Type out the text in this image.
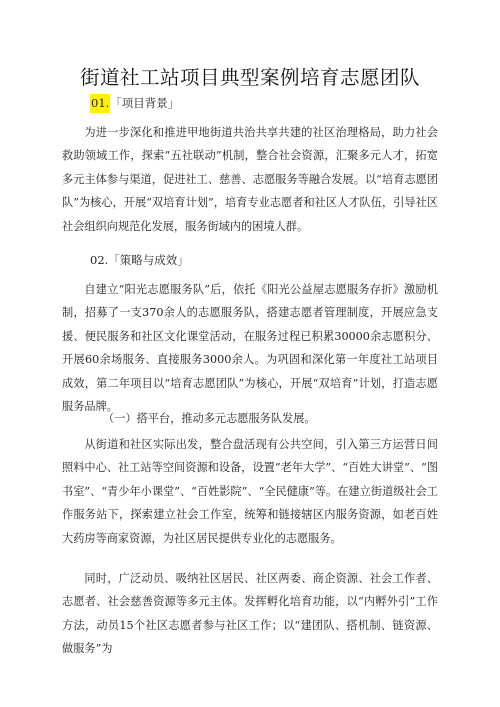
街道社工站项目典型案例培育志愿团队
01.「项目背景」

为进一步深化和推进甲地街道共治共享共建的社区治理格局，助力社会救助领域工作，探索“五社联动”机制，整合社会资源，汇聚多元人才，拓宽多元主体参与渠道，促进社工、慈善、志愿服务等融合发展。以“培育志愿团队”为核心，开展“双培育计划”，培育专业志愿者和社区人才队伍，引导社区社会组织向规范化发展，服务街域内的困境人群。

02.「策略与成效」

自建立“阳光志愿服务队”后，依托《阳光公益屋志愿服务存折》激励机制，招募了一支370余人的志愿服务队，搭建志愿者管理制度，开展应急支援、便民服务和社区文化课堂活动，在服务过程已积累30000余志愿积分、开展60余场服务、直接服务3000余人。为巩固和深化第一年度社工站项目成效，第二年项目以“培育志愿团队”为核心，开展“双培育”计划，打造志愿服务品牌。

（一）搭平台，推动多元志愿服务队发展。

从街道和社区实际出发，整合盘活现有公共空间，引入第三方运营日间照料中心、社工站等空间资源和设备，设置“老年大学”、“百姓大讲堂”、“图书室”、“青少年小课堂”、“百姓影院”、“全民健康”等。在建立街道级社会工作服务站下，探索建立社会工作室，统筹和链接辖区内服务资源，如老百姓大药房等商家资源，为社区居民提供专业化的志愿服务。

同时，广泛动员、吸纳社区居民、社区两委、商企资源、社会工作者、志愿者、社会慈善资源等多元主体。发挥孵化培育功能，以“内孵外引”工作方法，动员15个社区志愿者参与社区工作；以“建团队、搭机制、链资源、做服务”为
